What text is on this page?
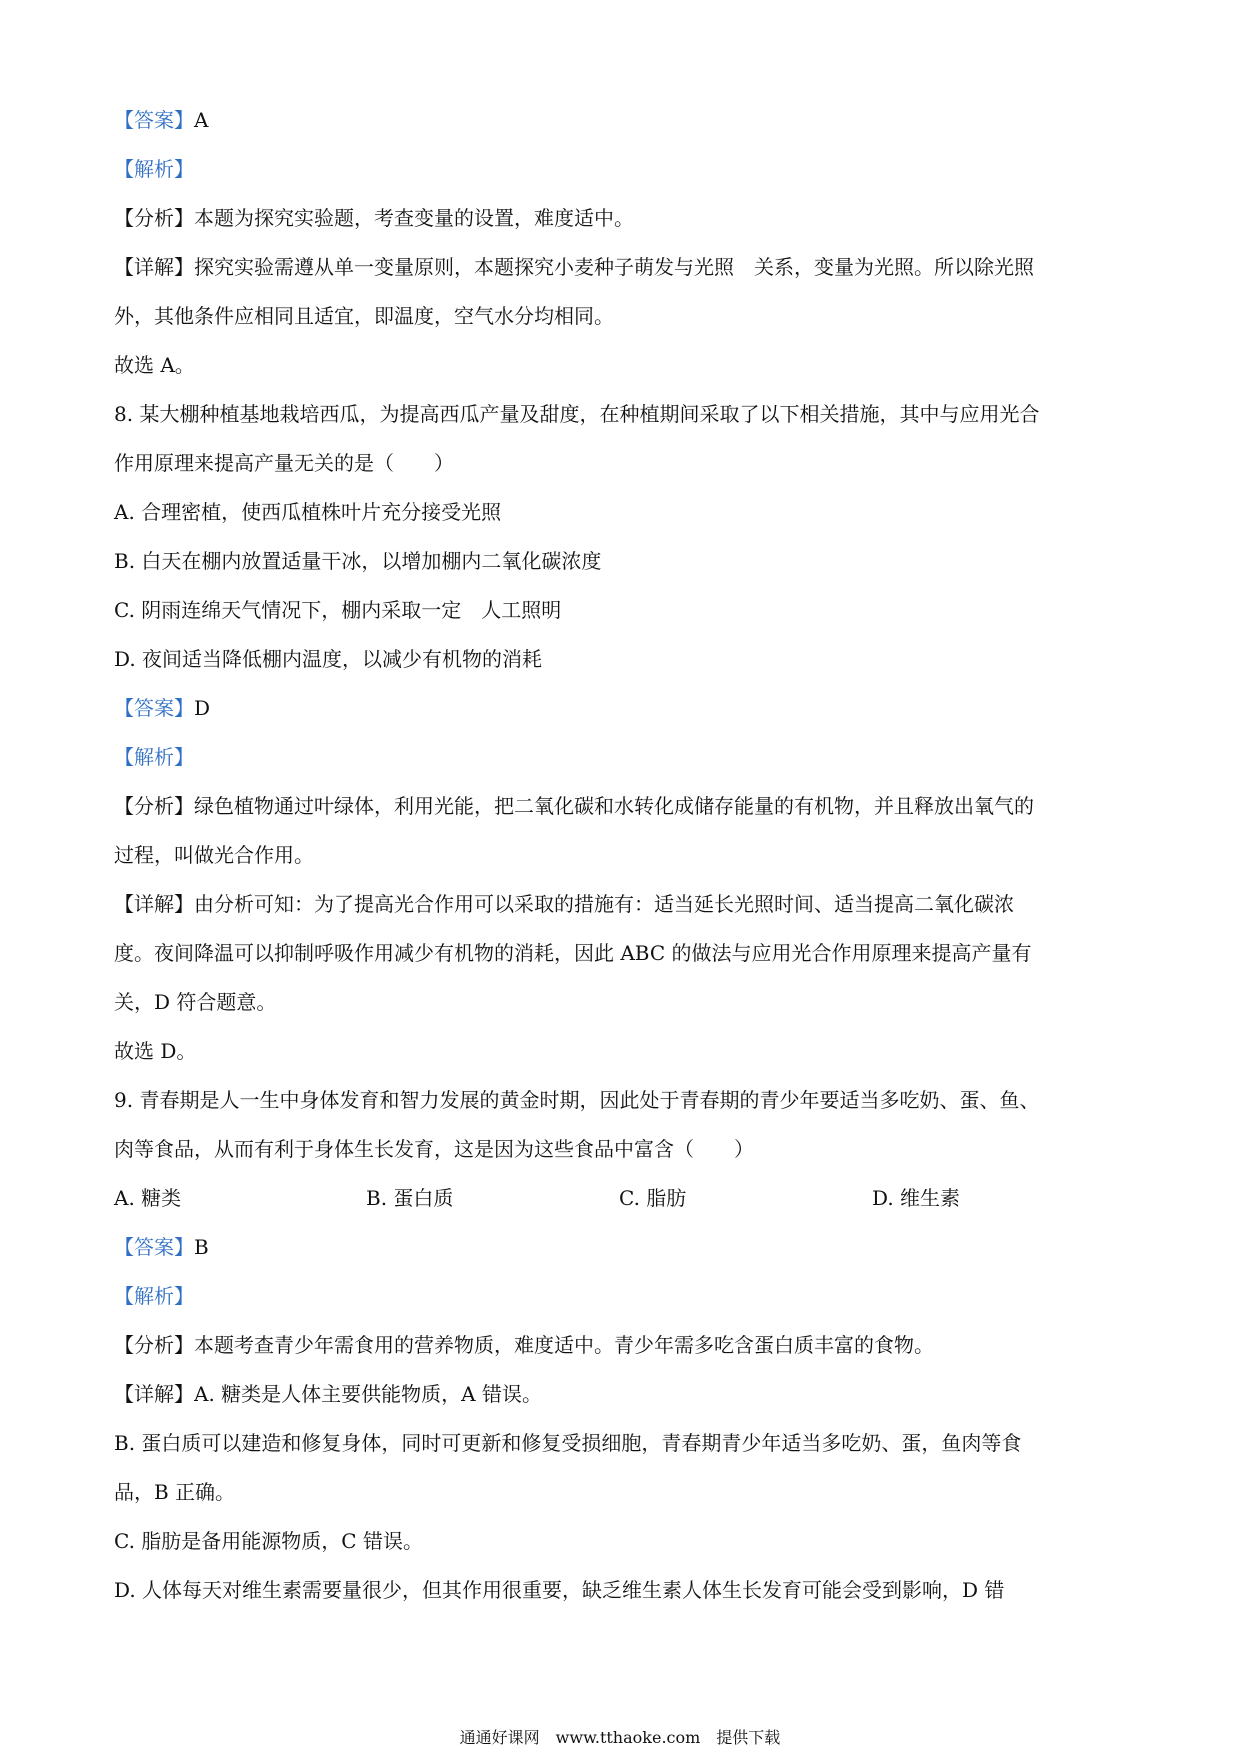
【答案】A
【解析】
【分析】本题为探究实验题，考查变量的设置，难度适中。
【详解】探究实验需遵从单一变量原则，本题探究小麦种子萌发与光照　关系，变量为光照。所以除光照
外，其他条件应相同且适宜，即温度，空气水分均相同。
故选 A。
8. 某大棚种植基地栽培西瓜，为提高西瓜产量及甜度，在种植期间采取了以下相关措施，其中与应用光合
作用原理来提高产量无关的是（　　）
A. 合理密植，使西瓜植株叶片充分接受光照
B. 白天在棚内放置适量干冰，以增加棚内二氧化碳浓度
C. 阴雨连绵天气情况下，棚内采取一定　人工照明
D. 夜间适当降低棚内温度，以减少有机物的消耗
【答案】D
【解析】
【分析】绿色植物通过叶绿体，利用光能，把二氧化碳和水转化成储存能量的有机物，并且释放出氧气的
过程，叫做光合作用。
【详解】由分析可知：为了提高光合作用可以采取的措施有：适当延长光照时间、适当提高二氧化碳浓
度。夜间降温可以抑制呼吸作用减少有机物的消耗，因此 ABC 的做法与应用光合作用原理来提高产量有
关，D 符合题意。
故选 D。
9. 青春期是人一生中身体发育和智力发展的黄金时期，因此处于青春期的青少年要适当多吃奶、蛋、鱼、
肉等食品，从而有利于身体生长发育，这是因为这些食品中富含（　　）
A. 糖类	B. 蛋白质	C. 脂肪	D. 维生素
【答案】B
【解析】
【分析】本题考查青少年需食用的营养物质，难度适中。青少年需多吃含蛋白质丰富的食物。
【详解】A. 糖类是人体主要供能物质，A 错误。
B. 蛋白质可以建造和修复身体，同时可更新和修复受损细胞，青春期青少年适当多吃奶、蛋，鱼肉等食
品，B 正确。
C. 脂肪是备用能源物质，C 错误。
D. 人体每天对维生素需要量很少，但其作用很重要，缺乏维生素人体生长发育可能会受到影响，D 错
通通好课网　www.tthaoke.com　提供下载
